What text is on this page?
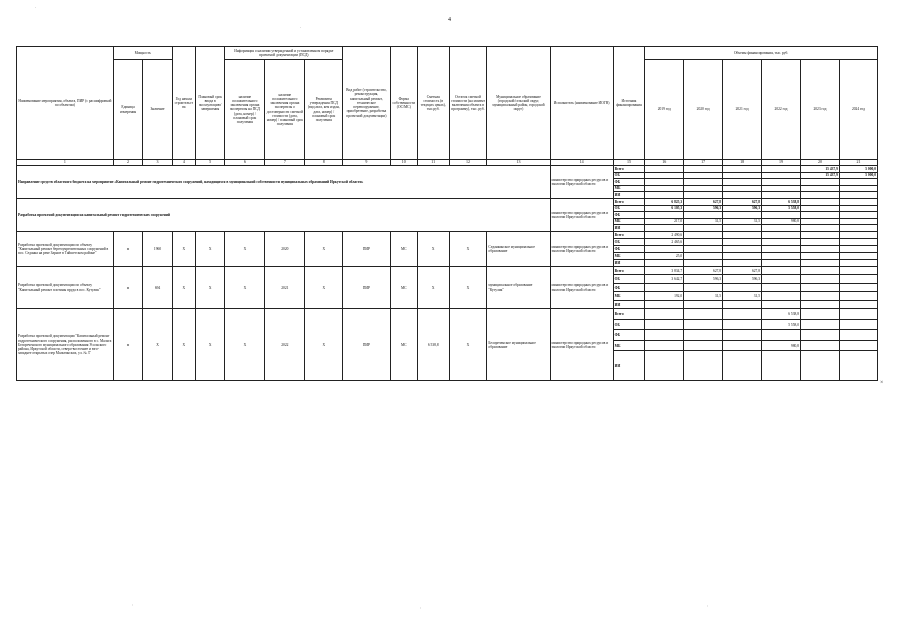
4
.
.
'
'	'
×
Наименование мероприятия, объекта, ПИР (с расшифровкой по объектам)	Мощность		Год начала строительства	Плановый срок ввода в эксплуатацию/завершения	Информация о наличии утвержденной и установленном порядке проектной документации (ПСД)			Вид работ (строительство, реконструкция, капитальный ремонт, техническое перевооружение, приобретение, разработка проектной документации)	Форма собственности (ОС/МС)	Сметная стоимость (в текущих ценах), тыс.руб.	Остаток сметной стоимости (на момент включения объекта в программу), тыс. руб.	Муниципальное образование (городской/сельский округ, муниципальный район, городской округ)	Исполнитель (наименование ИОГВ)	Источник финансирования	Объемы финансирования, тыс. руб.					
	Единица измерения	Значение			наличие положительного заключения органа экспертизы на ПСД (дата, номер) / плановый срок получения	наличие положительного заключения органа экспертизы о достоверности сметной стоимости (дата, номер) / плановый срок получения	Реквизиты утверждения ПСД (вид акта, кем издан, дата, номер) / плановый срок получения								2019 год	2020 год	2021 год	2022 год	2023 год	2024 год

1	2	3	4	5	6	7	8	9	10	11	12	13	14	15	16	17	18	19	20	21
Направление средств областного бюджета на мероприятие «Капитальный ремонт гидротехнических сооружений, находящихся в муниципальной собственности муниципальных образований Иркутской области»													министерство природных ресурсов и экологии Иркутской области	Всего					15 437,9	5 000,0
														ОБ					15 437,9	5 000,0
														ФБ						
														МБ						
														ИИ						
Разработка проектной документации на капитальный ремонт гидротехнических сооружений													министерство природных ресурсов и экологии Иркутской области	Всего	6 825,3	627,8	627,8	6 538,8		
														ОБ	6 105,3	596,3	596,3	5 558,0		
														ФБ						
														МБ	217,0	31,5	31,5	980,8		
														ИИ						
Разработка проектной документации по объекту "Капитальный ремонт берегоукрепительных сооружений в пос. Седанка на реке Зарное в Тайшетском районе"	м	1960	Х	Х	Х	2020	Х	ПИР	МС	Х	Х	Седанкинское муниципальное образование	министерство природных ресурсов и экологии Иркутской области	Всего	2 490,6					
														ОБ	2 465,6					
														ФБ						
														МБ	25,0					
														ИИ						
Разработка проектной документации по объекту "Капитальный ремонт плотины пруда в пос. Кутулик"	м	694	Х	Х	Х	2021	Х	ПИР	МС	Х	Х	муниципальное образование "Кутулик"	министерство природных ресурсов и экологии Иркутской области	Всего	3 834,7	627,8	627,8			
														ОБ	3 642,7	596,3	596,3			
														ФБ						
														МБ	192,0	31,5	31,5			
														ИИ						
Разработка проектной документации "Капитальный ремонт гидротехнического сооружения, расположенного в с. Мальта Белореченского муниципального образования Усольского района, Иркутской области, северо-восточнее и юго-западнее открытых озер Мальтинских, ул. № 3"	м	Х	Х	Х	Х	2022	Х	ПИР	МС	6 538,8	Х	Белореченское муниципальное образование	министерство природных ресурсов и экологии Иркутской области	Всего				6 538,8		
														ОБ				5 558,0		
														ФБ						
														МБ				980,8		
														ИИ						
